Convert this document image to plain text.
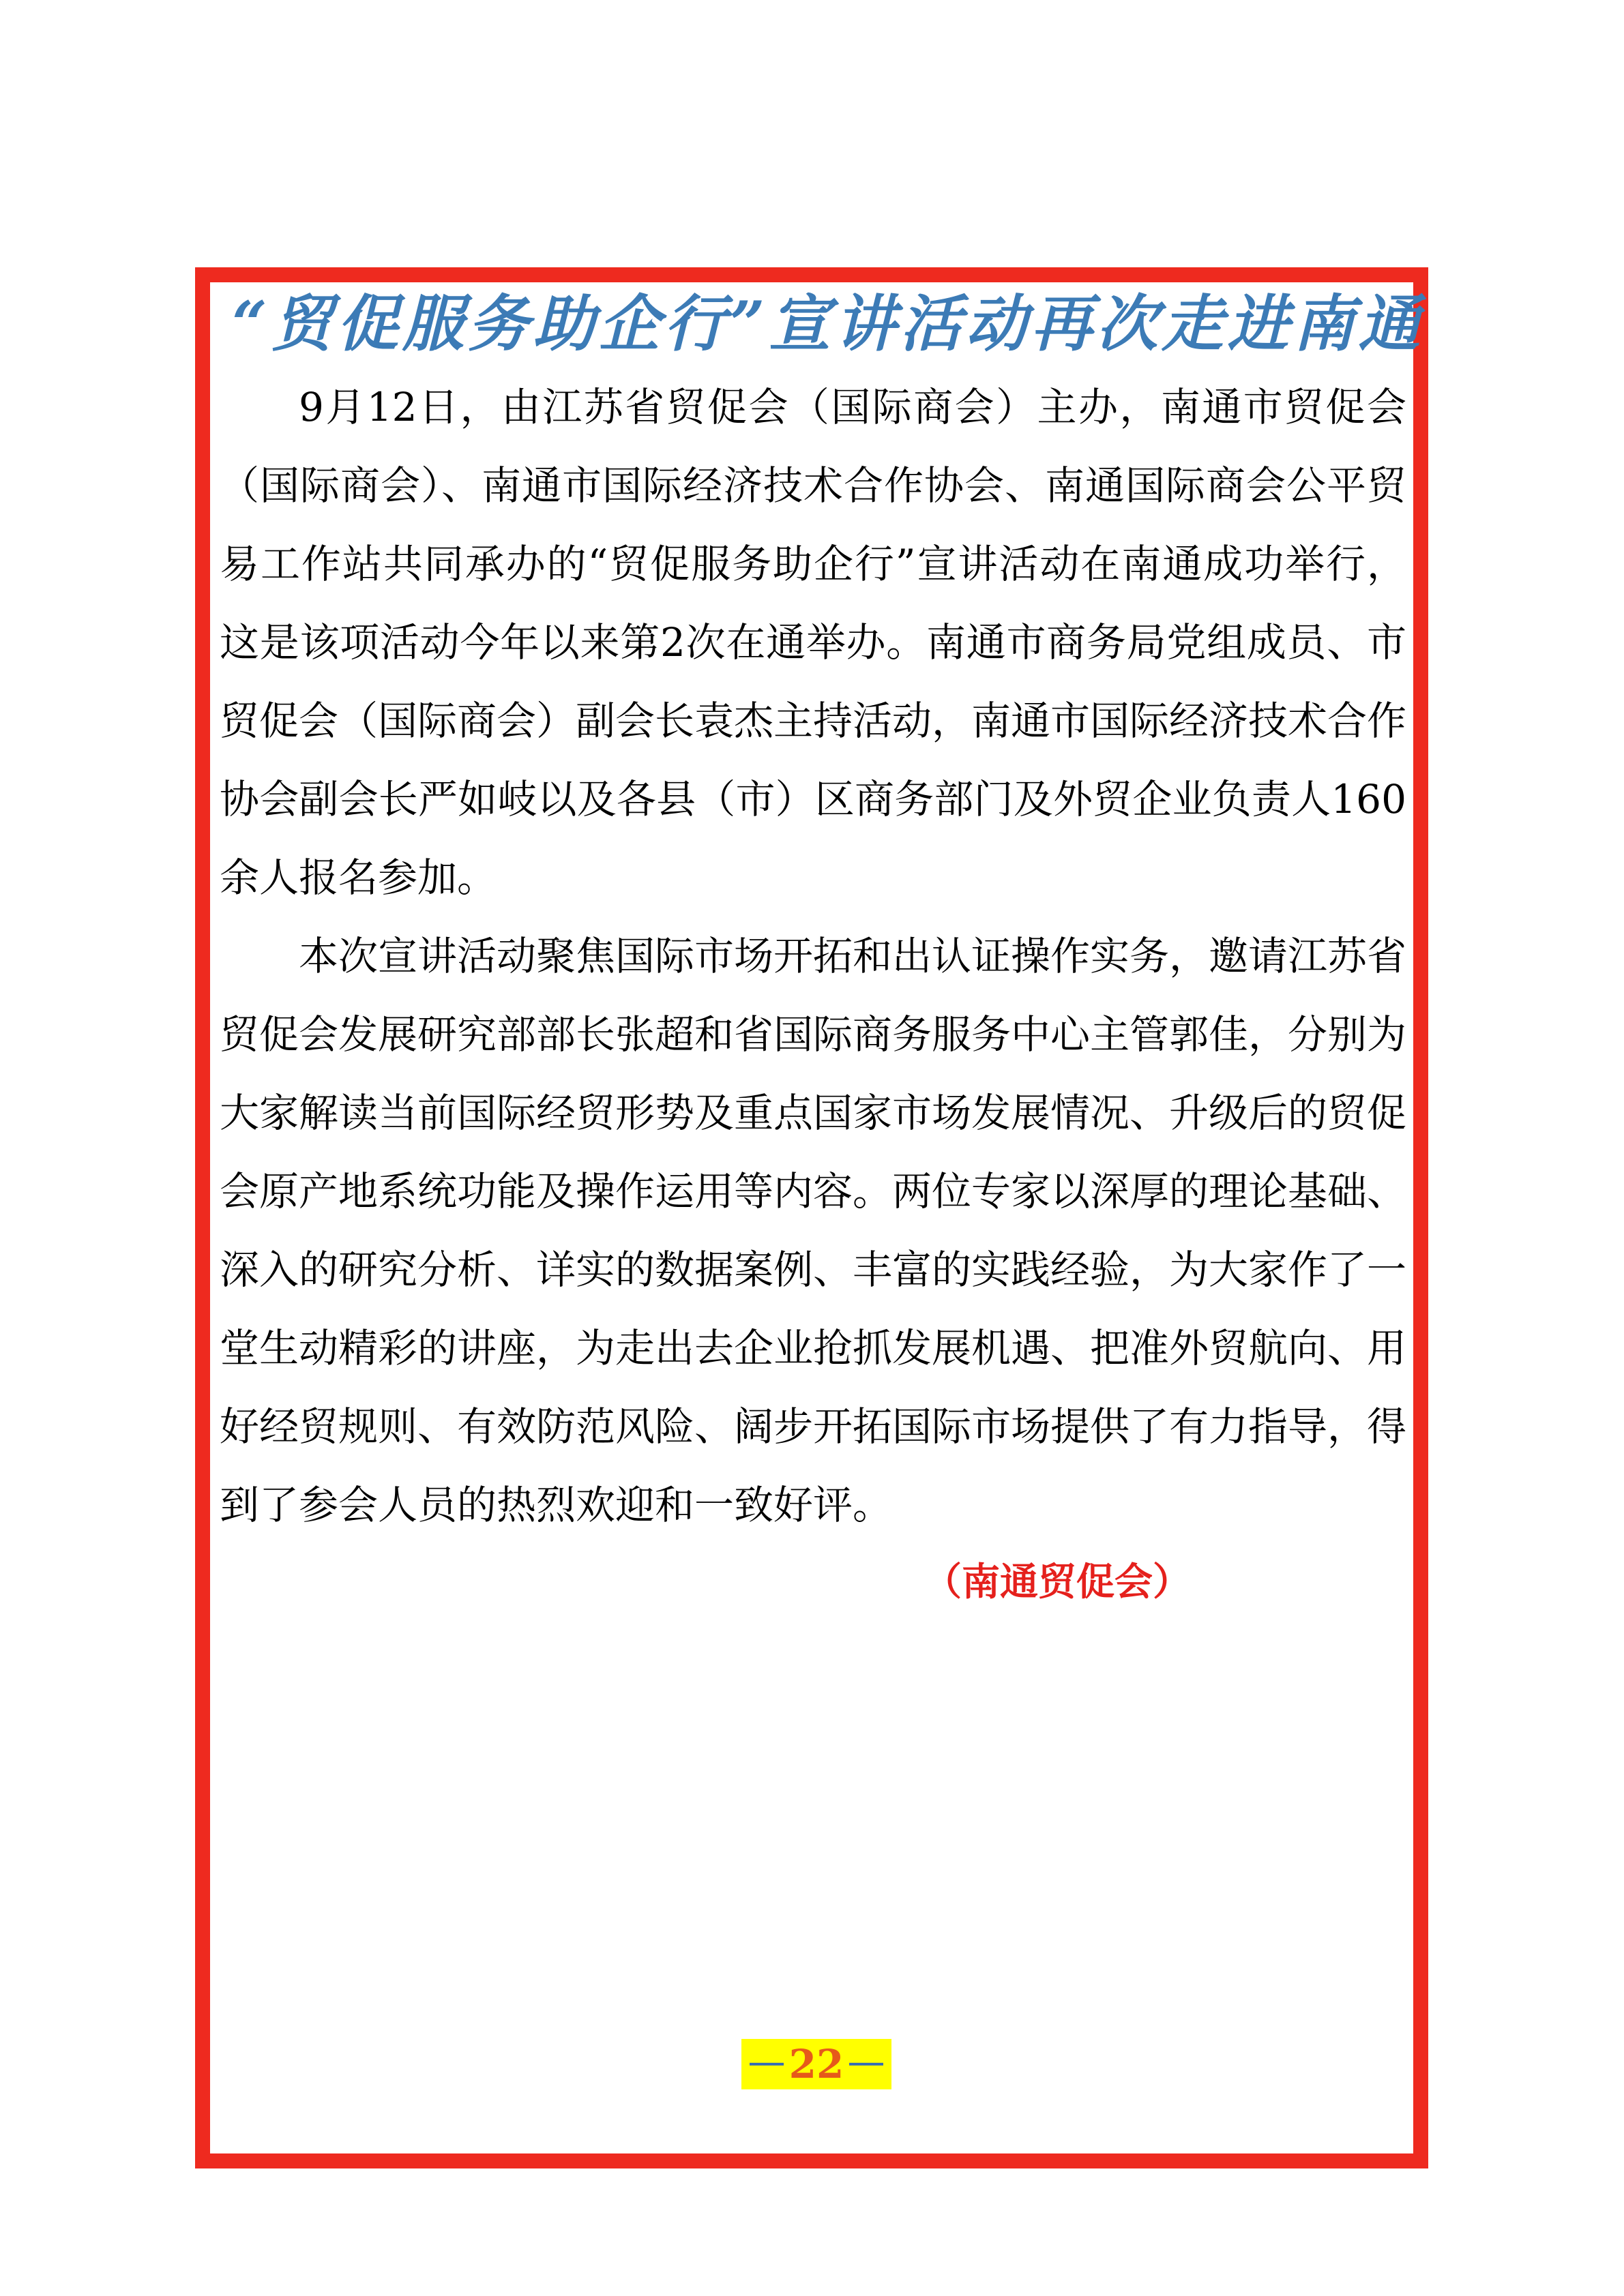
“贸促服务助企行”宣讲活动再次走进南通

9月12日，由江苏省贸促会（国际商会）主办，南通市贸促会（国际商会）、南通市国际经济技术合作协会、南通国际商会公平贸易工作站共同承办的“贸促服务助企行”宣讲活动在南通成功举行，这是该项活动今年以来第2次在通举办。南通市商务局党组成员、市贸促会（国际商会）副会长袁杰主持活动，南通市国际经济技术合作协会副会长严如岐以及各县（市）区商务部门及外贸企业负责人160余人报名参加。

本次宣讲活动聚焦国际市场开拓和出认证操作实务，邀请江苏省贸促会发展研究部部长张超和省国际商务服务中心主管郭佳，分别为大家解读当前国际经贸形势及重点国家市场发展情况、升级后的贸促会原产地系统功能及操作运用等内容。两位专家以深厚的理论基础、深入的研究分析、详实的数据案例、丰富的实践经验，为大家作了一堂生动精彩的讲座，为走出去企业抢抓发展机遇、把准外贸航向、用好经贸规则、有效防范风险、阔步开拓国际市场提供了有力指导，得到了参会人员的热烈欢迎和一致好评。

（南通贸促会）
22
